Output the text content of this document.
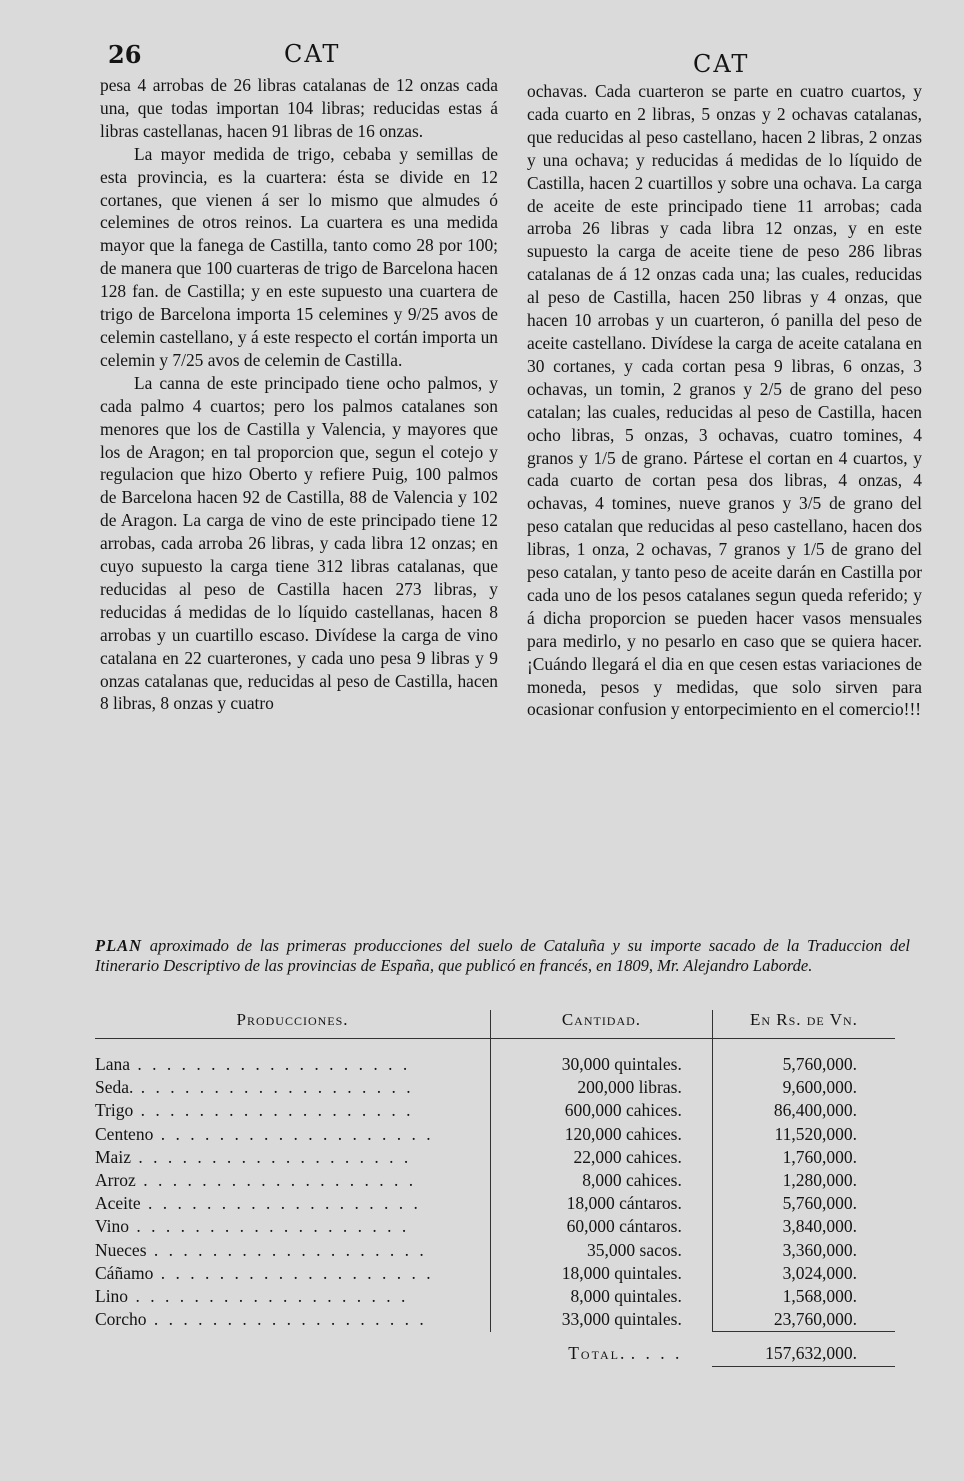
26	CAT	CAT

pesa 4 arrobas de 26 libras catalanas de 12 onzas cada una, que todas importan 104 libras; reducidas estas á libras castellanas, hacen 91 libras de 16 onzas.

La mayor medida de trigo, cebaba y semillas de esta provincia, es la cuartera: ésta se divide en 12 cortanes, que vienen á ser lo mismo que almudes ó celemines de otros reinos. La cuartera es una medida mayor que la fanega de Castilla, tanto como 28 por 100; de manera que 100 cuarteras de trigo de Barcelona hacen 128 fan. de Castilla; y en este supuesto una cuartera de trigo de Barcelona importa 15 celemines y 9/25 avos de celemin castellano, y á este respecto el cortán importa un celemin y 7/25 avos de celemin de Castilla.

La canna de este principado tiene ocho palmos, y cada palmo 4 cuartos; pero los palmos catalanes son menores que los de Castilla y Valencia, y mayores que los de Aragon; en tal proporcion que, segun el cotejo y regulacion que hizo Oberto y refiere Puig, 100 palmos de Barcelona hacen 92 de Castilla, 88 de Valencia y 102 de Aragon. La carga de vino de este principado tiene 12 arrobas, cada arroba 26 libras, y cada libra 12 onzas; en cuyo supuesto la carga tiene 312 libras catalanas, que reducidas al peso de Castilla hacen 273 libras, y reducidas á medidas de lo líquido castellanas, hacen 8 arrobas y un cuartillo escaso. Divídese la carga de vino catalana en 22 cuarterones, y cada uno pesa 9 libras y 9 onzas catalanas que, reducidas al peso de Castilla, hacen 8 libras, 8 onzas y cuatro

ochavas. Cada cuarteron se parte en cuatro cuartos, y cada cuarto en 2 libras, 5 onzas y 2 ochavas catalanas, que reducidas al peso castellano, hacen 2 libras, 2 onzas y una ochava; y reducidas á medidas de lo líquido de Castilla, hacen 2 cuartillos y sobre una ochava. La carga de aceite de este principado tiene 11 arrobas; cada arroba 26 libras y cada libra 12 onzas, y en este supuesto la carga de aceite tiene de peso 286 libras catalanas de á 12 onzas cada una; las cuales, reducidas al peso de Castilla, hacen 250 libras y 4 onzas, que hacen 10 arrobas y un cuarteron, ó panilla del peso de aceite castellano. Divídese la carga de aceite catalana en 30 cortanes, y cada cortan pesa 9 libras, 6 onzas, 3 ochavas, un tomin, 2 granos y 2/5 de grano del peso catalan; las cuales, reducidas al peso de Castilla, hacen ocho libras, 5 onzas, 3 ochavas, cuatro tomines, 4 granos y 1/5 de grano. Pártese el cortan en 4 cuartos, y cada cuarto de cortan pesa dos libras, 4 onzas, 4 ochavas, 4 tomines, nueve granos y 3/5 de grano del peso catalan que reducidas al peso castellano, hacen dos libras, 1 onza, 2 ochavas, 7 granos y 1/5 de grano del peso catalan, y tanto peso de aceite darán en Castilla por cada uno de los pesos catalanes segun queda referido; y á dicha proporcion se pueden hacer vasos mensuales para medirlo, y no pesarlo en caso que se quiera hacer. ¡Cuándo llegará el dia en que cesen estas variaciones de moneda, pesos y medidas, que solo sirven para ocasionar confusion y entorpecimiento en el comercio!!!

PLAN aproximado de las primeras producciones del suelo de Cataluña y su importe sacado de la Traduccion del Itinerario Descriptivo de las provincias de España, que publicó en francés, en 1809, Mr. Alejandro Laborde.
Producciones.	Cantidad.	En Rs. de Vn.
Lana . . . . . . . . . . . . . . . . . . .	30,000 quintales.	5,760,000.
Seda. . . . . . . . . . . . . . . . . . . .	200,000 libras.	9,600,000.
Trigo . . . . . . . . . . . . . . . . . . .	600,000 cahices.	86,400,000.
Centeno . . . . . . . . . . . . . . . . . . .	120,000 cahices.	11,520,000.
Maiz . . . . . . . . . . . . . . . . . . .	22,000 cahices.	1,760,000.
Arroz . . . . . . . . . . . . . . . . . . .	8,000 cahices.	1,280,000.
Aceite . . . . . . . . . . . . . . . . . . .	18,000 cántaros.	5,760,000.
Vino . . . . . . . . . . . . . . . . . . .	60,000 cántaros.	3,840,000.
Nueces . . . . . . . . . . . . . . . . . . .	35,000 sacos.	3,360,000.
Cáñamo . . . . . . . . . . . . . . . . . . .	18,000 quintales.	3,024,000.
Lino . . . . . . . . . . . . . . . . . . .	8,000 quintales.	1,568,000.
Corcho . . . . . . . . . . . . . . . . . . .	33,000 quintales.	23,760,000.
	Total. . . . .	157,632,000.
